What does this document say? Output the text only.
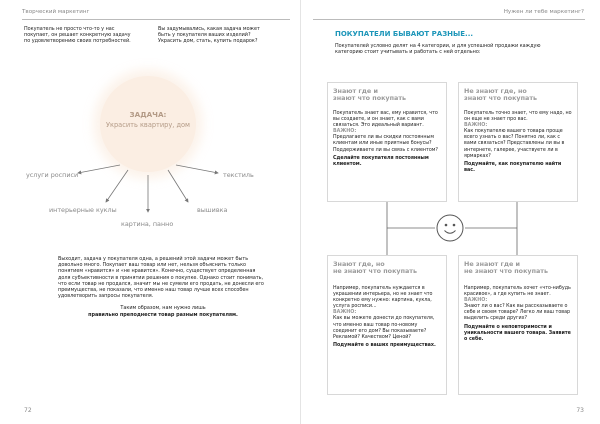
Творческий маркетинг
Покупатель не просто что-то у нас покупает, он решает конкретную задачу по удовлетворению своих потребностей.
Вы задумывались, какая задача может быть у покупателя ваших изделий? Украсить дом, стать, купить подарок?
ЗАДАЧА:
Украсить квартиру, дом
услуги росписи	текстиль
интерьерные куклы	вышивка
картина, панно
Выходит, задача у покупателя одна, а решений этой задачи может быть довольно много. Покупает ваш товар или нет, нельзя объяснить только понятием «нравится» и «не нравится». Конечно, существует определенная доля субъективности в принятии решения о покупке. Однако стоит понимать, что если товар не продался, значит мы не сумели его продать, не донесли его преимущества, не показали, что именно наш товар лучше всех способен удовлетворить запросы покупателя.
Таким образом, нам нужно лишь
правильно преподнести товар разным покупателям.
72
Нужен ли тебе маркетинг?
ПОКУПАТЕЛИ БЫВАЮТ РАЗНЫЕ...
Покупателей условно делят на 4 категории, и для успешной продажи каждую категорию стоит учитывать и работать с ней отдельно:
Знают где и
знают что покупать

Покупатель знает вас, ему нравится, что вы создаете, и он знает, как с вами связаться. Это идеальный вариант.

ВАЖНО:

Предлагаете ли вы скидки постоянным клиентам или иные приятные бонусы? Поддерживаете ли вы связь с клиентом?

Сделайте покупателя постоянным клиентом.

Не знают где, но
знают что покупать

Покупатель точно знает, что ему надо, но он еще не знает про вас.

ВАЖНО:

Как покупателю вашего товара проще всего узнать о вас? Понятно ли, как с вами связаться? Представлены ли вы в интернете, галерее, участвуете ли в ярмарках?

Подумайте, как покупателю найти вас.

Знают где, но
не знают что покупать

Например, покупатель нуждается в украшении интерьера, но не знает что конкретно ему нужно: картина, кукла, услуга росписи...

ВАЖНО:

Как вы можете донести до покупателя, что именно ваш товар по-новому соединит его дом? Вы показываете? Рекламой? Качеством? Ценой?

Подумайте о ваших преимуществах.

Не знают где и
не знают что покупать

Например, покупатель хочет «что-нибудь красивое», а где купить не знает.

ВАЖНО:

Знают ли о вас? Как вы рассказываете о себе и своем товаре? Легко ли ваш товар выделить среди других?

Подумайте о неповторимости и уникальности вашего товара. Заявите о себе.

73
